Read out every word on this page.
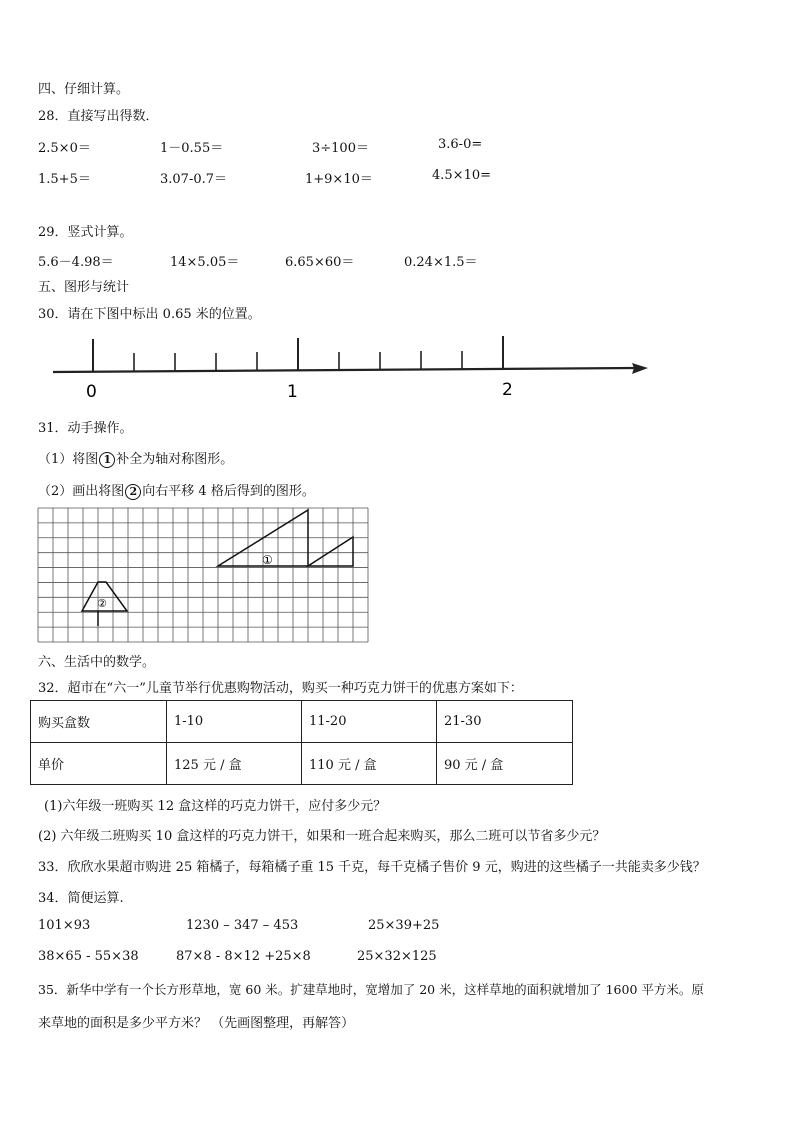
四、仔细计算。
28．直接写出得数．
2.5×0＝	1－0.55＝	3÷100＝	3.6-0=
1.5+5＝	3.07-0.7＝	1+9×10＝	4.5×10=
29．竖式计算。
5.6－4.98＝	14×5.05＝	6.65×60＝	0.24×1.5＝
五、图形与统计
30．请在下图中标出 0.65 米的位置。
0	1	2
31．动手操作。
（1）将图 1 补全为轴对称图形。
（2）画出将图 2 向右平移 4 格后得到的图形。
①
②
六、生活中的数学。
32．超市在“六一”儿童节举行优惠购物活动，购买一种巧克力饼干的优惠方案如下：
购买盒数	1-10	11-20	21-30
单价	125 元 / 盒	110 元 / 盒	90 元 / 盒
(1)六年级一班购买 12 盒这样的巧克力饼干，应付多少元？
(2) 六年级二班购买 10 盒这样的巧克力饼干，如果和一班合起来购买，那么二班可以节省多少元？
33．欣欣水果超市购进 25 箱橘子，每箱橘子重 15 千克，每千克橘子售价 9 元，购进的这些橘子一共能卖多少钱？
34．简便运算.
101×93	1230 – 347 – 453	25×39+25
38×65 - 55×38	87×8 - 8×12 +25×8	25×32×125
35．新华中学有一个长方形草地，宽 60 米。扩建草地时，宽增加了 20 米，这样草地的面积就增加了 1600 平方米。原
来草地的面积是多少平方米？ （先画图整理，再解答）
